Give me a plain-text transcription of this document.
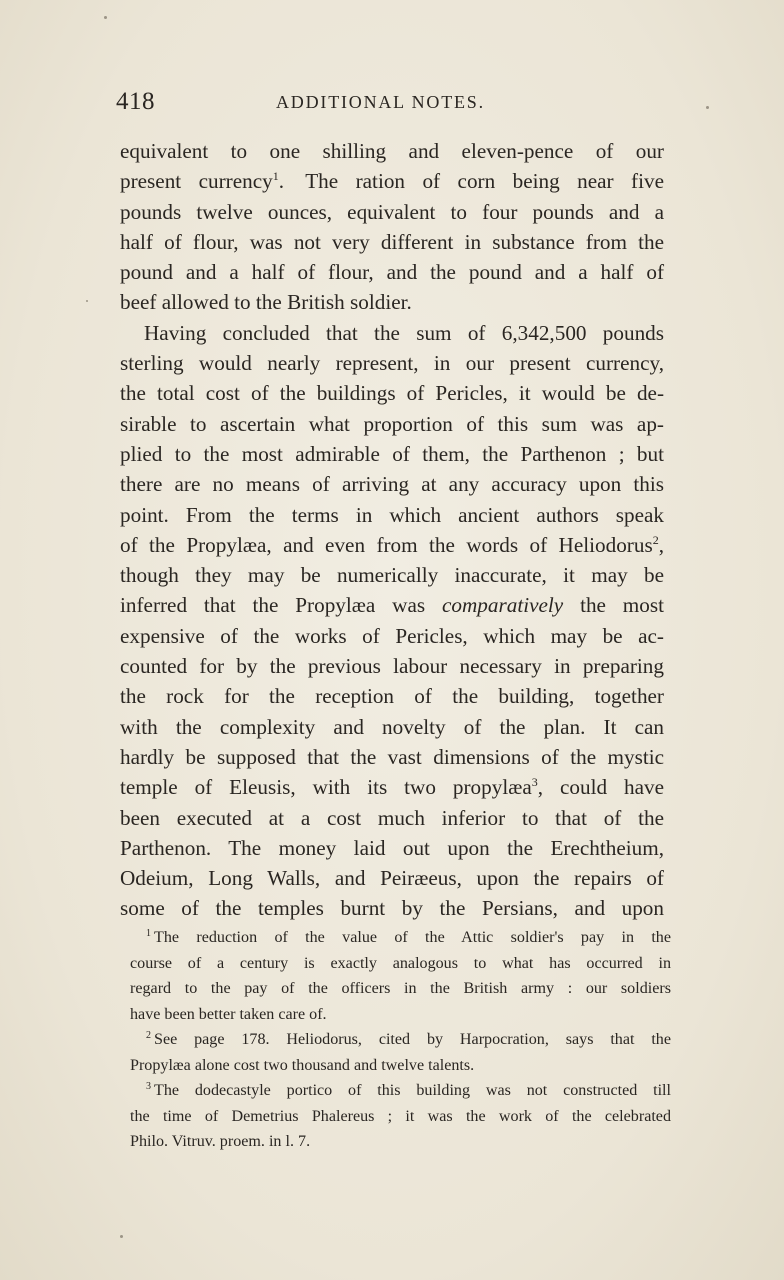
418	ADDITIONAL NOTES.
equivalent to one shilling and eleven-pence of our
present currency$^1$. The ration of corn being near five
pounds twelve ounces, equivalent to four pounds and a
half of flour, was not very different in substance from the
pound and a half of flour, and the pound and a half of
beef allowed to the British soldier.
Having concluded that the sum of 6,342,500 pounds
sterling would nearly represent, in our present currency,
the total cost of the buildings of Pericles, it would be de-
sirable to ascertain what proportion of this sum was ap-
plied to the most admirable of them, the Parthenon ; but
there are no means of arriving at any accuracy upon this
point. From the terms in which ancient authors speak
of the Propylæa, and even from the words of Heliodorus$^2$,
though they may be numerically inaccurate, it may be
inferred that the Propylæa was comparatively the most
expensive of the works of Pericles, which may be ac-
counted for by the previous labour necessary in preparing
the rock for the reception of the building, together
with the complexity and novelty of the plan. It can
hardly be supposed that the vast dimensions of the mystic
temple of Eleusis, with its two propylæa$^3$, could have
been executed at a cost much inferior to that of the
Parthenon. The money laid out upon the Erechtheium,
Odeium, Long Walls, and Peiræeus, upon the repairs of
some of the temples burnt by the Persians, and upon
$^1$ The reduction of the value of the Attic soldier's pay in the
course of a century is exactly analogous to what has occurred in
regard to the pay of the officers in the British army : our soldiers
have been better taken care of.
$^2$ See page 178. Heliodorus, cited by Harpocration, says that the
Propylæa alone cost two thousand and twelve talents.
$^3$ The dodecastyle portico of this building was not constructed till
the time of Demetrius Phalereus ; it was the work of the celebrated
Philo. Vitruv. proem. in l. 7.
